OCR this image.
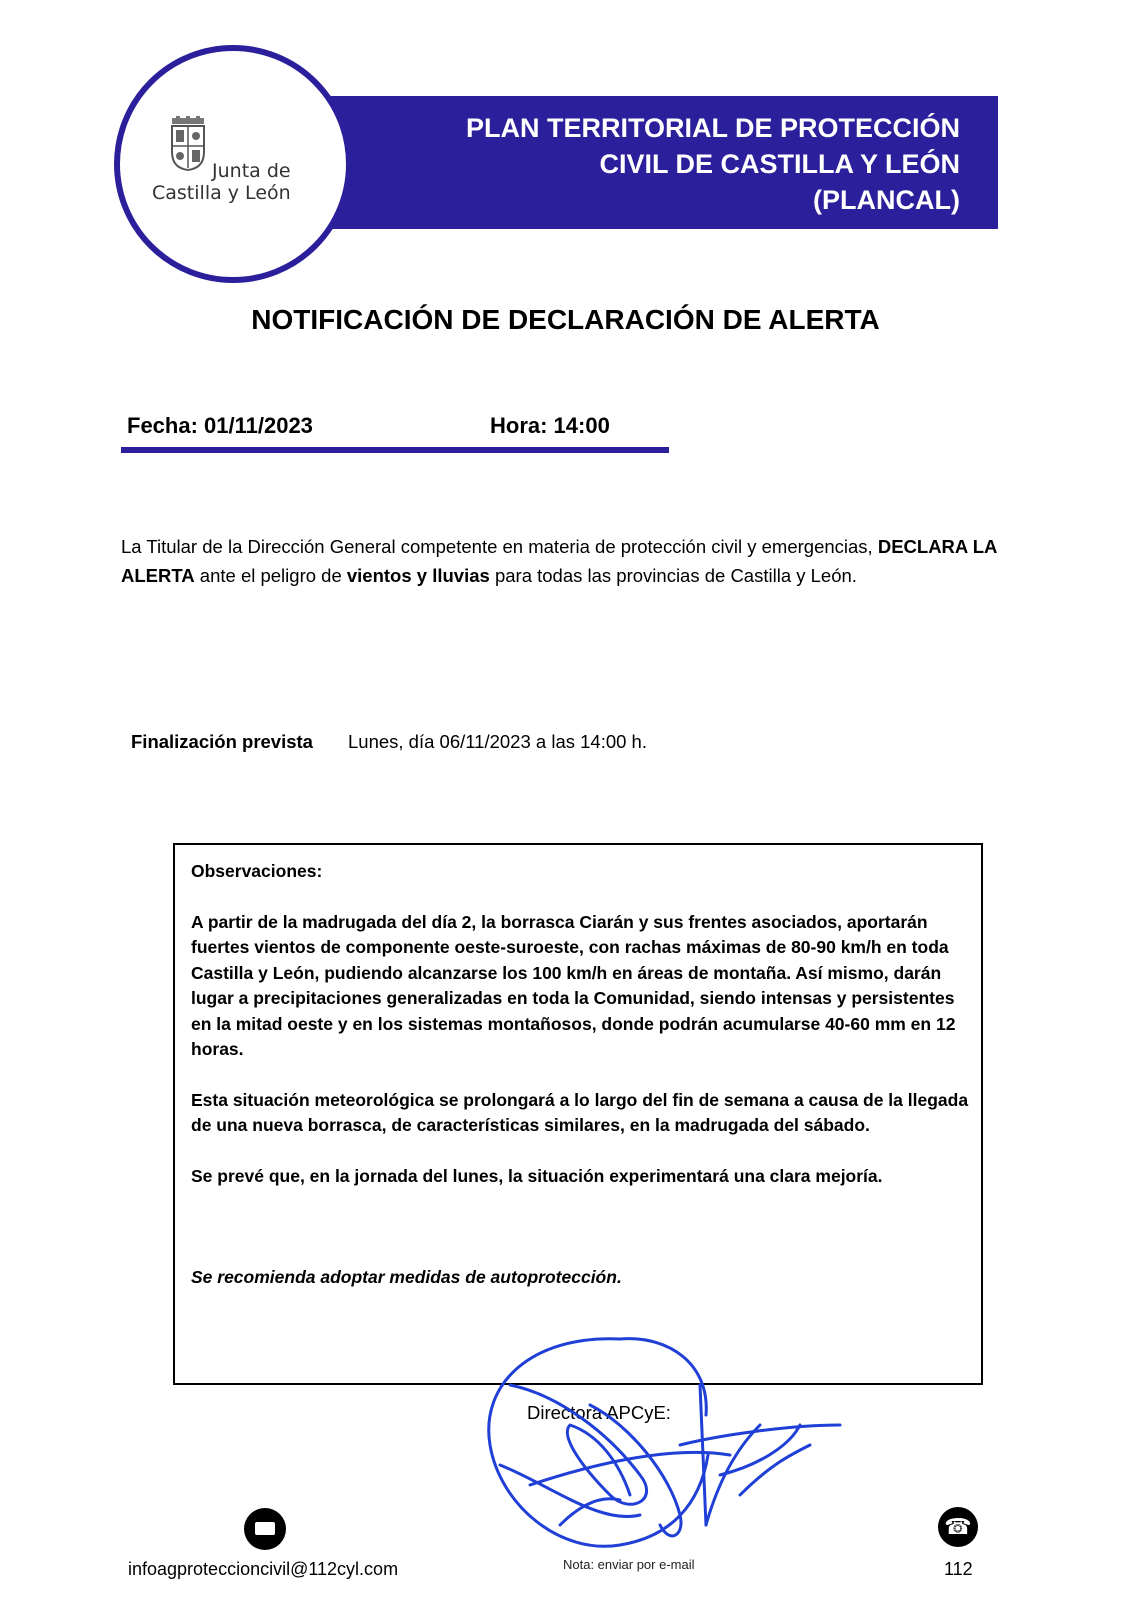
PLAN TERRITORIAL DE PROTECCIÓN
CIVIL DE CASTILLA Y LEÓN
(PLANCAL)
Junta de
Castilla y León
NOTIFICACIÓN DE DECLARACIÓN DE ALERTA
Fecha: 01/11/2023	Hora: 14:00
La Titular de la Dirección General competente en materia de protección civil y emergencias, DECLARA LA ALERTA ante el peligro de vientos y lluvias para todas las provincias de Castilla y León.
Finalización prevista Lunes, día 06/11/2023 a las 14:00 h.

Observaciones:

A partir de la madrugada del día 2, la borrasca Ciarán y sus frentes asociados, aportarán fuertes vientos de componente oeste-suroeste, con rachas máximas de 80-90 km/h en toda Castilla y León, pudiendo alcanzarse los 100 km/h en áreas de montaña. Así mismo, darán lugar a precipitaciones generalizadas en toda la Comunidad, siendo intensas y persistentes en la mitad oeste y en los sistemas montañosos, donde podrán acumularse 40-60 mm en 12 horas.

Esta situación meteorológica se prolongará a lo largo del fin de semana a causa de la llegada de una nueva borrasca, de características similares, en la madrugada del sábado.

Se prevé que, en la jornada del lunes, la situación experimentará una clara mejoría.

Se recomienda adoptar medidas de autoprotección.

Directora APCyE:
☎
infoagproteccioncivil@112cyl.com	Nota: enviar por e-mail	112
